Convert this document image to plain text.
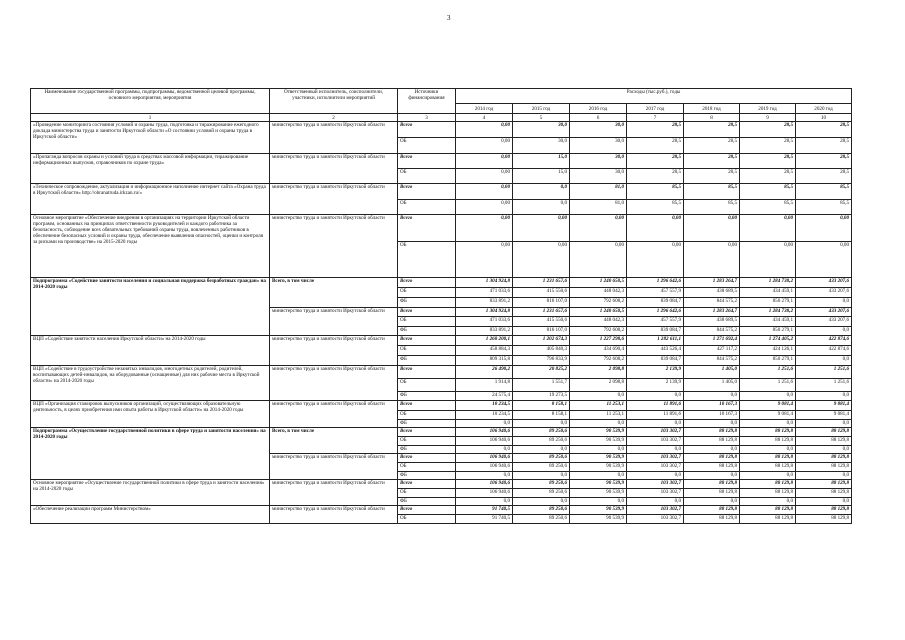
3
Наименование государственной программы, подпрограммы, ведомственной целевой программы, основного мероприятия, мероприятия	Ответственный исполнитель, соисполнители, участники, исполнители мероприятий	Источники финансирования	Расходы (тыс.руб.), годы						
			2014 год	2015 год	2016 год	2017 год	2018 год	2019 год	2020 год
1	2	3	4	5	6	7	8	9	10
«Проведение мониторинга состояния условий и охраны труда, подготовка и тиражирование ежегодного доклада министерства труда и занятости Иркутской области «О состоянии условий и охраны труда в Иркутской области»	министерство труда и занятости Иркутской области	Всего	0,00	30,0	30,0	28,5	28,5	28,5	28,5
		ОБ	0,00	30,0	30,0	28,5	28,5	28,5	28,5
«Пропаганда вопросов охраны и условий труда в средствах массовой информации, тиражирование информационных выпусков, справочников по охране труда»	министерство труда и занятости Иркутской области	Всего	0,00	15,0	30,0	28,5	28,5	28,5	28,5
		ОБ	0,00	15,0	30,0	28,5	28,5	28,5	28,5
«Техническое сопровождение, актуализация и информационное наполнение интернет сайта «Охрана труда в Иркутской области» http://ohranatruda.irkzan.ru/»	министерство труда и занятости Иркутской области	Всего	0,00	0,0	81,0	85,5	85,5	85,5	85,5
		ОБ	0,00	0,0	81,0	85,5	85,5	85,5	85,5
Основное мероприятие «Обеспечение внедрения в организациях на территории Иркутской области программ, основанных на принципах ответственности руководителей и каждого работника за безопасность, соблюдение всех обязательных требований охраны труда, вовлеченных работников в обеспечение безопасных условий и охраны труда, обеспечение выявления опасностей, оценки и контроля за рисками на производстве» на 2015-2020 годы	министерство труда и занятости Иркутской области	Всего	0,00	0,00	0,00	0,00	0,00	0,00	0,00
		ОБ	0,00	0,00	0,00	0,00	0,00	0,00	0,00
Подпрограмма «Содействие занятости населения и социальная поддержка безработных граждан» на 2014-2020 годы	Всего, в том числе	Всего	1 304 924,8	1 231 657,6	1 240 650,5	1 296 642,6	1 283 264,7	1 284 738,2	433 207,6
		ОБ	471 033,6	415 550,6	448 042,3	457 557,9	438 689,5	434 459,1	433 207,6
		ФБ	833 891,2	816 107,0	792 608,2	839 084,7	844 575,2	850 279,1	0,0
	министерство труда и занятости Иркутской области	Всего	1 304 924,8	1 231 657,6	1 240 650,5	1 296 642,6	1 283 264,7	1 284 738,2	433 207,6
		ОБ	471 033,6	415 550,6	448 042,3	457 557,9	438 689,5	434 459,1	433 207,6
		ФБ	833 891,2	816 107,0	792 608,2	839 084,7	844 575,2	850 279,1	0,0
ВЦП «Содействие занятости населения Иркутской области» на 2014-2020 годы	министерство труда и занятости Иркутской области	Всего	1 268 200,1	1 202 674,3	1 227 298,6	1 282 611,1	1 271 692,4	1 274 405,2	422 874,6
		ОБ	458 884,3	405 840,3	434 690,4	443 526,4	427 117,2	424 126,1	422 874,6
		ФБ	809 315,8	796 833,9	792 608,2	839 084,7	844 575,2	850 279,1	0,0
ВЦП «Содействие в трудоустройстве незанятых инвалидов, многодетных родителей, родителей, воспитывающих детей-инвалидов, на оборудованные (оснащенные) для них рабочие места в Иркутской области» на 2014-2020 годы	министерство труда и занятости Иркутской области	Всего	26 490,2	20 825,2	2 098,8	2 139,9	1 405,0	1 251,6	1 251,6
		ОБ	1 914,8	1 551,7	2 098,8	2 139,9	1 405,0	1 251,6	1 251,6
		ФБ	24 575,4	19 273,5	0,0	0,0	0,0	0,0	0,0
ВЦП «Организация стажировок выпускников организаций, осуществляющих образовательную деятельность, в целях приобретения ими опыта работы в Иркутской области» на 2014-2020 годы	министерство труда и занятости Иркутской области	Всего	10 234,5	8 158,1	11 253,1	11 891,6	10 167,3	9 081,4	9 081,4
		ОБ	10 234,5	8 158,1	11 253,1	11 891,6	10 167,3	9 081,4	9 081,4
		ФБ	0,0	0,0	0,0	0,0	0,0	0,0	0,0
Подпрограмма «Осуществление государственной политики в сфере труда и занятости населения» на 2014-2020 годы	Всего, в том числе	Всего	106 940,6	89 250,6	90 539,9	103 302,7	88 129,8	88 129,8	88 129,8
		ОБ	106 940,6	89 250,6	90 539,9	103 302,7	88 129,8	88 129,8	88 129,8
		ФБ	0,0	0,0	0,0	0,0	0,0	0,0	0,0
	министерство труда и занятости Иркутской области	Всего	106 940,6	89 250,6	90 539,9	103 302,7	88 129,8	88 129,8	88 129,8
		ОБ	106 940,6	89 250,6	90 539,9	103 302,7	88 129,8	88 129,8	88 129,8
		ФБ	0,0	0,0	0,0	0,0	0,0	0,0	0,0
Основное мероприятие «Осуществление государственной политики в сфере труда и занятости населения» на 2014-2020 годы	министерство труда и занятости Иркутской области	Всего	106 940,6	89 250,6	90 539,9	103 302,7	88 129,8	88 129,8	88 129,8
		ОБ	106 940,6	89 250,6	90 539,9	103 302,7	88 129,8	88 129,8	88 129,8
		ФБ	0,0	0,0	0,0	0,0	0,0	0,0	0,0
«Обеспечение реализации программ Министерством»	министерство труда и занятости Иркутской области	Всего	91 740,5	89 250,6	90 539,9	103 302,7	88 129,8	88 129,8	88 129,8
		ОБ	91 740,5	89 250,6	90 539,9	103 302,7	88 129,8	88 129,8	88 129,8
